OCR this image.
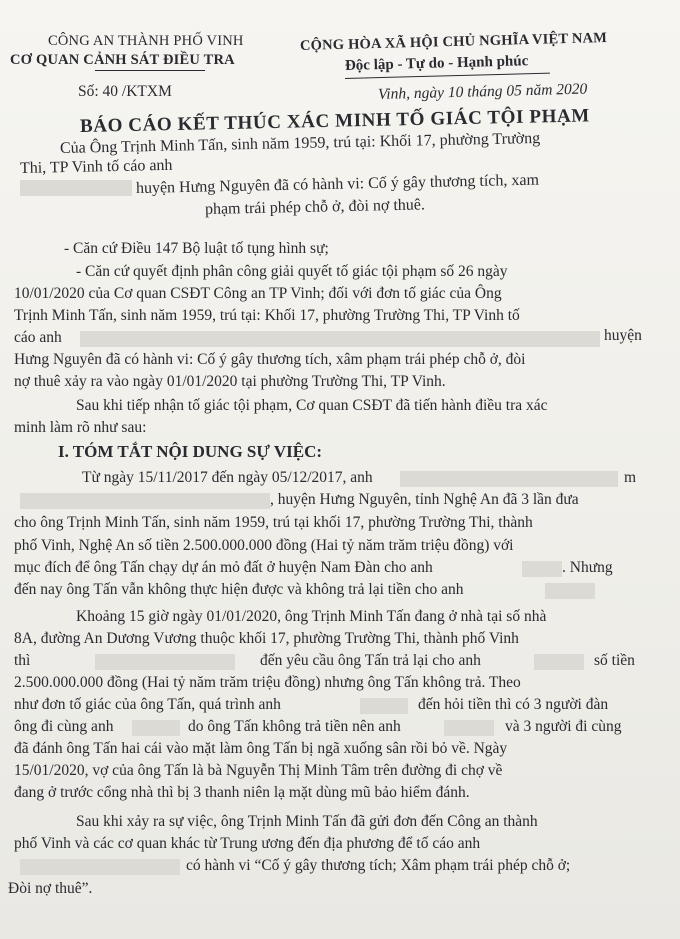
CÔNG AN THÀNH PHỐ VINH
CƠ QUAN CẢNH SÁT ĐIỀU TRA
Số: 40 /KTXM
CỘNG HÒA XÃ HỘI CHỦ NGHĨA VIỆT NAM
Độc lập - Tự do - Hạnh phúc
Vinh, ngày 10 tháng 05 năm 2020
BÁO CÁO KẾT THÚC XÁC MINH TỐ GIÁC TỘI PHẠM
Của Ông Trịnh Minh Tấn, sinh năm 1959, trú tại: Khối 17, phường Trường
Thi, TP Vinh tố cáo anh
huyện Hưng Nguyên đã có hành vi: Cố ý gây thương tích, xam
phạm trái phép chỗ ở, đòi nợ thuê.
- Căn cứ Điều 147 Bộ luật tố tụng hình sự;
- Căn cứ quyết định phân công giải quyết tố giác tội phạm số 26 ngày
10/01/2020 của Cơ quan CSĐT Công an TP Vinh; đối với đơn tố giác của Ông
Trịnh Minh Tấn, sinh năm 1959, trú tại: Khối 17, phường Trường Thi, TP Vinh tố
cáo anh	huyện
Hưng Nguyên đã có hành vi: Cố ý gây thương tích, xâm phạm trái phép chỗ ở, đòi
nợ thuê xảy ra vào ngày 01/01/2020 tại phường Trường Thi, TP Vinh.
Sau khi tiếp nhận tố giác tội phạm, Cơ quan CSĐT đã tiến hành điều tra xác
minh làm rõ như sau:
I. TÓM TẮT NỘI DUNG SỰ VIỆC:
Từ ngày 15/11/2017 đến ngày 05/12/2017, anh	m
, huyện Hưng Nguyên, tỉnh Nghệ An đã 3 lần đưa
cho ông Trịnh Minh Tấn, sinh năm 1959, trú tại khối 17, phường Trường Thi, thành
phố Vinh, Nghệ An số tiền 2.500.000.000 đồng (Hai tỷ năm trăm triệu đồng) với
mục đích để ông Tấn chạy dự án mỏ đất ở huyện Nam Đàn cho anh	. Nhưng
đến nay ông Tấn vẫn không thực hiện được và không trả lại tiền cho anh
Khoảng 15 giờ ngày 01/01/2020, ông Trịnh Minh Tấn đang ở nhà tại số nhà
8A, đường An Dương Vương thuộc khối 17, phường Trường Thi, thành phố Vinh
thì	đến yêu cầu ông Tấn trả lại cho anh	số tiền
2.500.000.000 đồng (Hai tỷ năm trăm triệu đồng) nhưng ông Tấn không trả. Theo
như đơn tố giác của ông Tấn, quá trình anh	đến hỏi tiền thì có 3 người đàn
ông đi cùng anh	do ông Tấn không trả tiền nên anh	và 3 người đi cùng
đã đánh ông Tấn hai cái vào mặt làm ông Tấn bị ngã xuống sân rồi bỏ về. Ngày
15/01/2020, vợ của ông Tấn là bà Nguyễn Thị Minh Tâm trên đường đi chợ về
đang ở trước cổng nhà thì bị 3 thanh niên lạ mặt dùng mũ bảo hiểm đánh.
Sau khi xảy ra sự việc, ông Trịnh Minh Tấn đã gửi đơn đến Công an thành
phố Vinh và các cơ quan khác từ Trung ương đến địa phương để tố cáo anh
có hành vi “Cố ý gây thương tích; Xâm phạm trái phép chỗ ở;
Đòi nợ thuê”.
